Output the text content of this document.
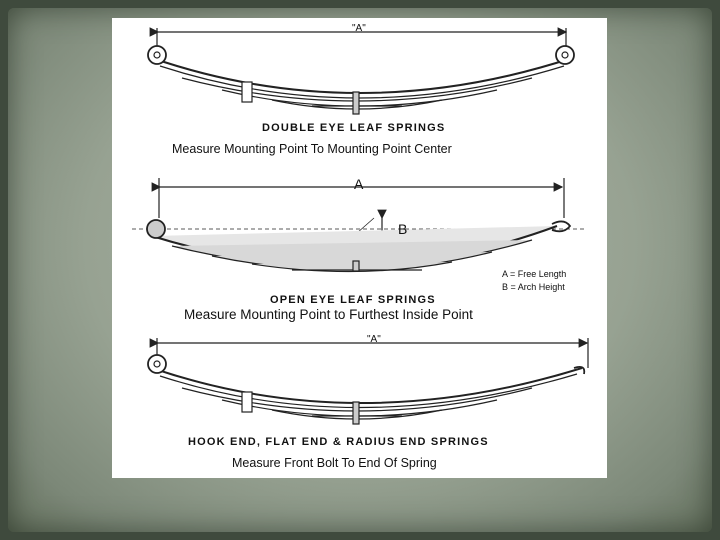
"A"
DOUBLE EYE LEAF SPRINGS
Measure Mounting Point To Mounting Point Center
A
B
A = Free Length
B = Arch Height
OPEN EYE LEAF SPRINGS
Measure Mounting Point to Furthest Inside Point
"A"
HOOK END, FLAT END & RADIUS END SPRINGS
Measure Front Bolt To End Of Spring
